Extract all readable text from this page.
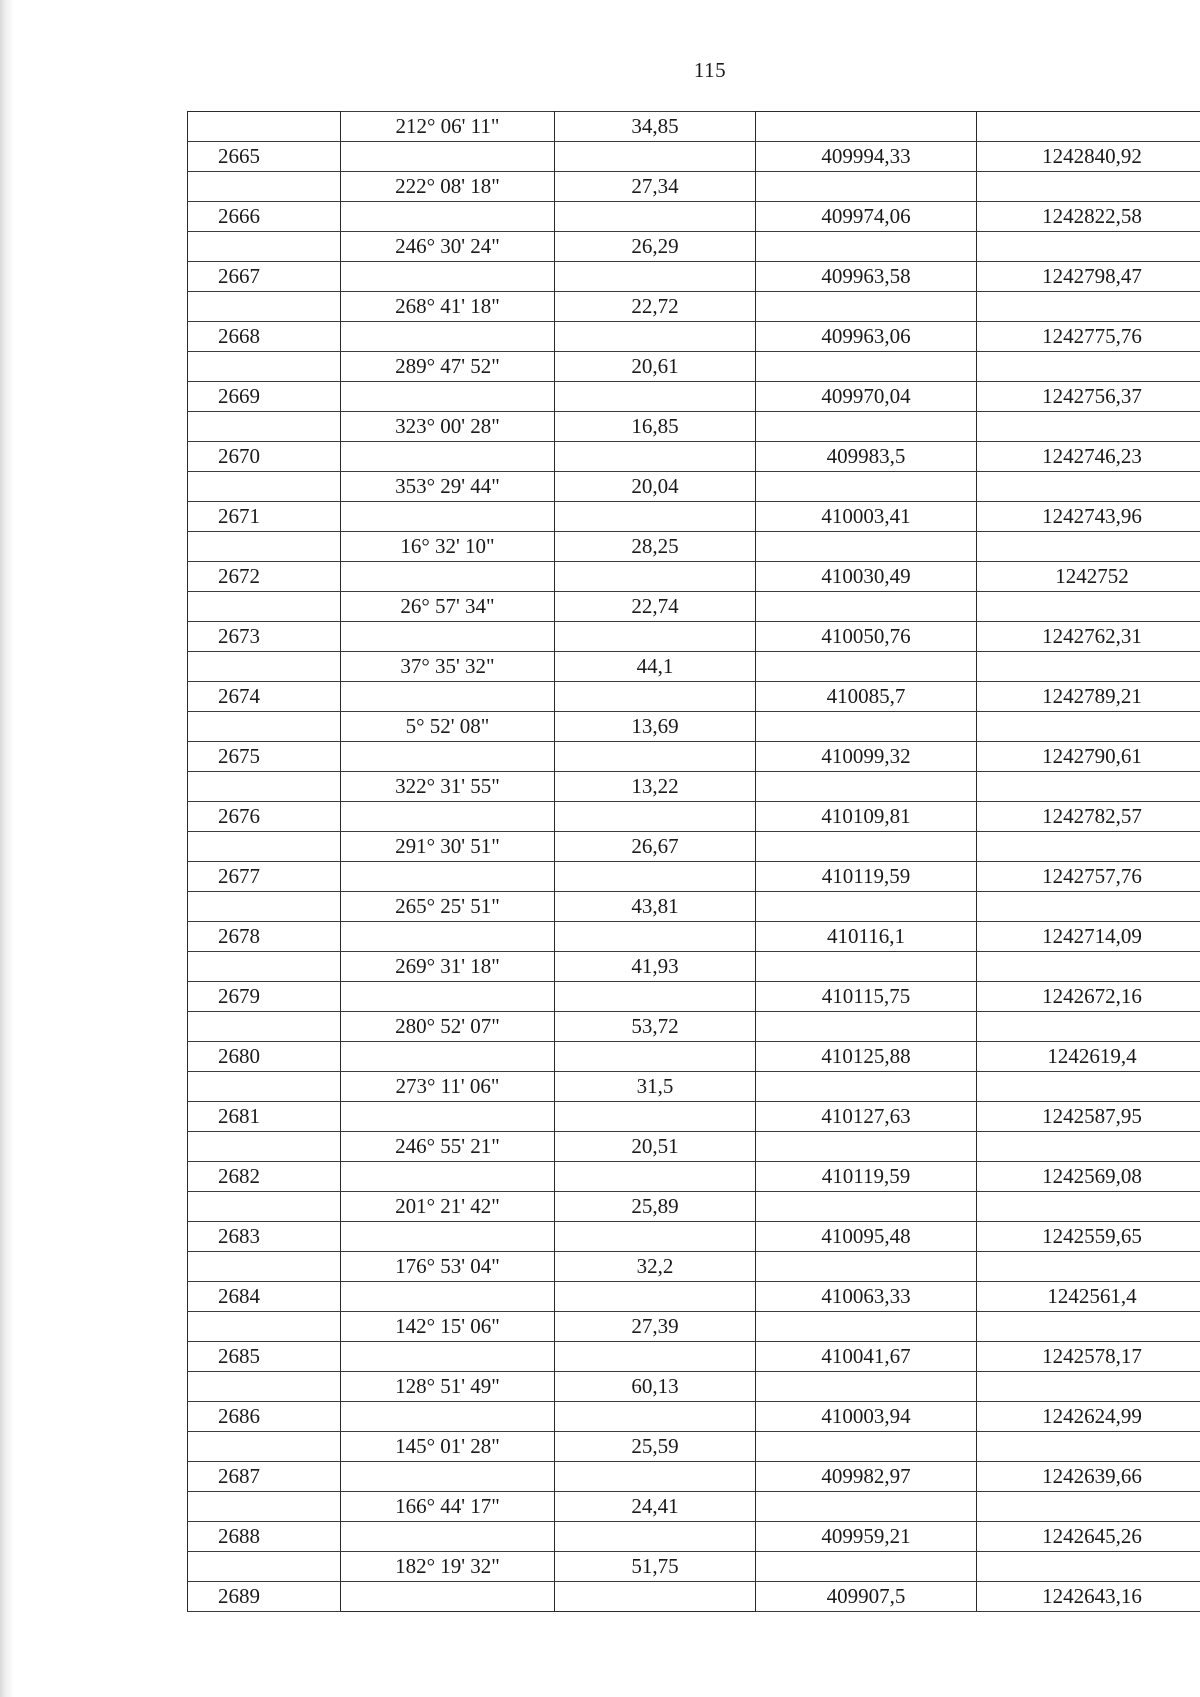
115
	212° 06' 11"	34,85		
2665			409994,33	1242840,92
	222° 08' 18"	27,34		
2666			409974,06	1242822,58
	246° 30' 24"	26,29		
2667			409963,58	1242798,47
	268° 41' 18"	22,72		
2668			409963,06	1242775,76
	289° 47' 52"	20,61		
2669			409970,04	1242756,37
	323° 00' 28"	16,85		
2670			409983,5	1242746,23
	353° 29' 44"	20,04		
2671			410003,41	1242743,96
	16° 32' 10"	28,25		
2672			410030,49	1242752
	26° 57' 34"	22,74		
2673			410050,76	1242762,31
	37° 35' 32"	44,1		
2674			410085,7	1242789,21
	5° 52' 08"	13,69		
2675			410099,32	1242790,61
	322° 31' 55"	13,22		
2676			410109,81	1242782,57
	291° 30' 51"	26,67		
2677			410119,59	1242757,76
	265° 25' 51"	43,81		
2678			410116,1	1242714,09
	269° 31' 18"	41,93		
2679			410115,75	1242672,16
	280° 52' 07"	53,72		
2680			410125,88	1242619,4
	273° 11' 06"	31,5		
2681			410127,63	1242587,95
	246° 55' 21"	20,51		
2682			410119,59	1242569,08
	201° 21' 42"	25,89		
2683			410095,48	1242559,65
	176° 53' 04"	32,2		
2684			410063,33	1242561,4
	142° 15' 06"	27,39		
2685			410041,67	1242578,17
	128° 51' 49"	60,13		
2686			410003,94	1242624,99
	145° 01' 28"	25,59		
2687			409982,97	1242639,66
	166° 44' 17"	24,41		
2688			409959,21	1242645,26
	182° 19' 32"	51,75		
2689			409907,5	1242643,16
